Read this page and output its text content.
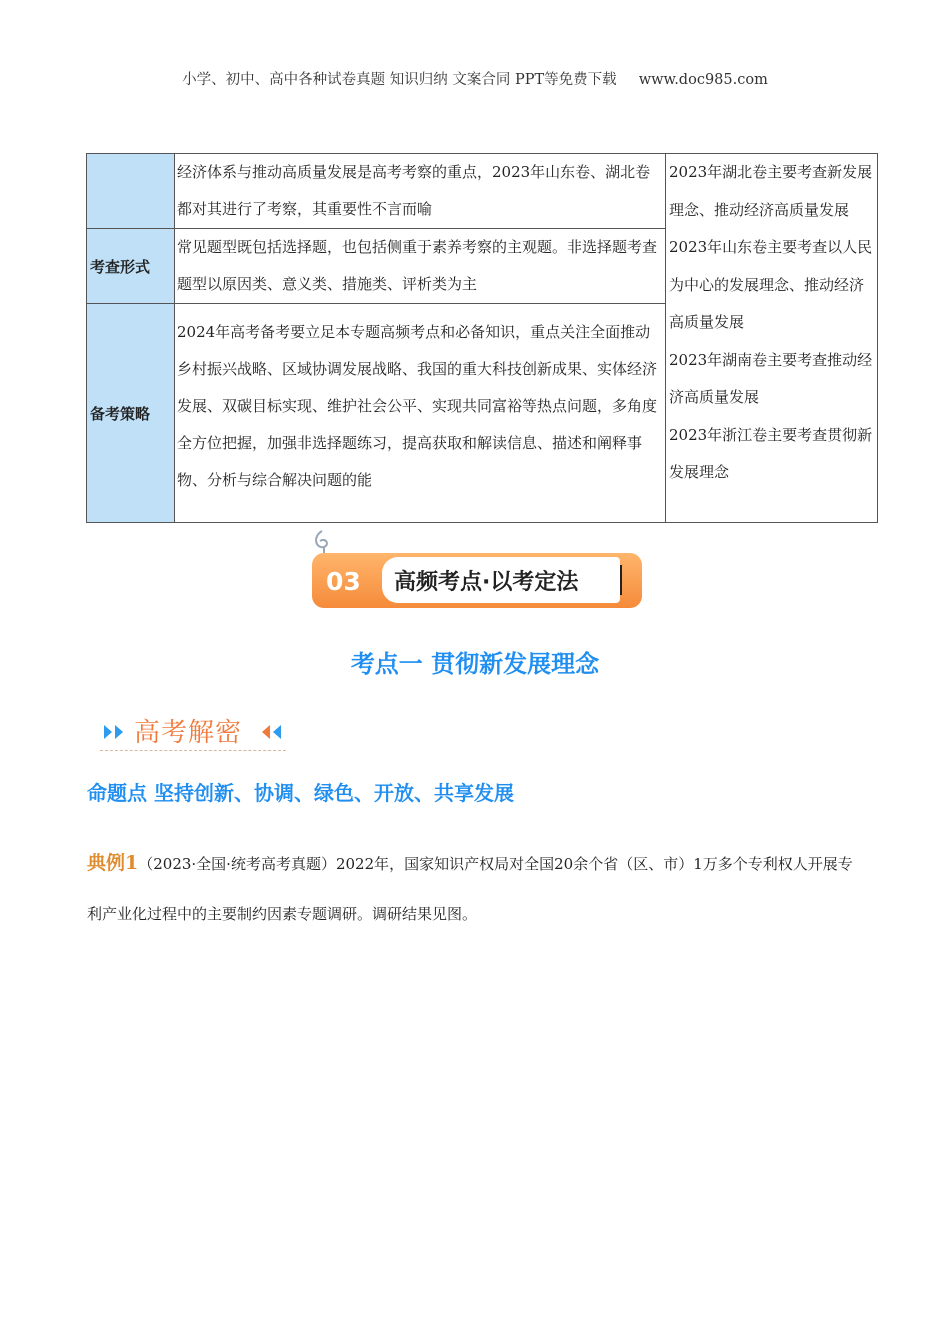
小学、初中、高中各种试卷真题 知识归纳 文案合同 PPT等免费下载 www.doc985.com
	经济体系与推动高质量发展是高考考察的重点，2023年山东卷、湖北卷都对其进行了考察，其重要性不言而喻	2023年湖北卷主要考查新发展理念、推动经济高质量发展

2023年山东卷主要考查以人民为中心的发展理念、推动经济高质量发展

2023年湖南卷主要考查推动经济高质量发展

2023年浙江卷主要考查贯彻新发展理念

考查形式	常见题型既包括选择题，也包括侧重于素养考察的主观题。非选择题考查题型以原因类、意义类、措施类、评析类为主	
备考策略	2024年高考备考要立足本专题高频考点和必备知识，重点关注全面推动乡村振兴战略、区域协调发展战略、我国的重大科技创新成果、实体经济发展、双碳目标实现、维护社会公平、实现共同富裕等热点问题，多角度全方位把握，加强非选择题练习，提高获取和解读信息、描述和阐释事物、分析与综合解决问题的能	
03 高频考点·以考定法
考点一 贯彻新发展理念
高考解密
命题点 坚持创新、协调、绿色、开放、共享发展
典例1（2023·全国·统考高考真题）2022年，国家知识产权局对全国20余个省（区、市）1万多个专利权人开展专利产业化过程中的主要制约因素专题调研。调研结果见图。
